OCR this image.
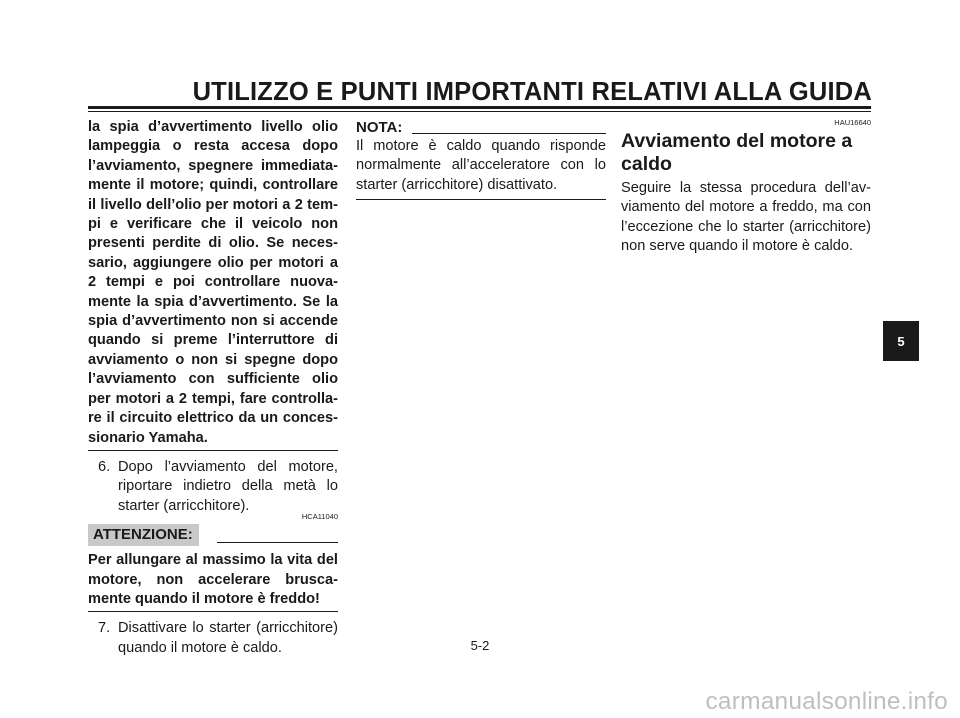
UTILIZZO E PUNTI IMPORTANTI RELATIVI ALLA GUIDA
la spia d’avvertimento livello olio lampeggia o resta accesa dopo l’avviamento, spegnere immediata-mente il motore; quindi, controllare il livello dell’olio per motori a 2 tem-pi e verificare che il veicolo non presenti perdite di olio. Se neces-sario, aggiungere olio per motori a 2 tempi e poi controllare nuova-mente la spia d’avvertimento. Se la spia d’avvertimento non si accende quando si preme l’interruttore di avviamento o non si spegne dopo l’avviamento con sufficiente olio per motori a 2 tempi, fare controlla-re il circuito elettrico da un conces-sionario Yamaha.
6. Dopo l’avviamento del motore, riportare indietro della metà lo starter (arricchitore).
HCA11040
ATTENZIONE:
Per allungare al massimo la vita del motore, non accelerare brusca-mente quando il motore è freddo!
7. Disattivare lo starter (arricchitore) quando il motore è caldo.
NOTA:
Il motore è caldo quando risponde normalmente all’acceleratore con lo starter (arricchitore) disattivato.
HAU16640
Avviamento del motore a caldo
Seguire la stessa procedura dell’av-viamento del motore a freddo, ma con l’eccezione che lo starter (arricchitore) non serve quando il motore è caldo.
5
5-2
carmanualsonline.info
